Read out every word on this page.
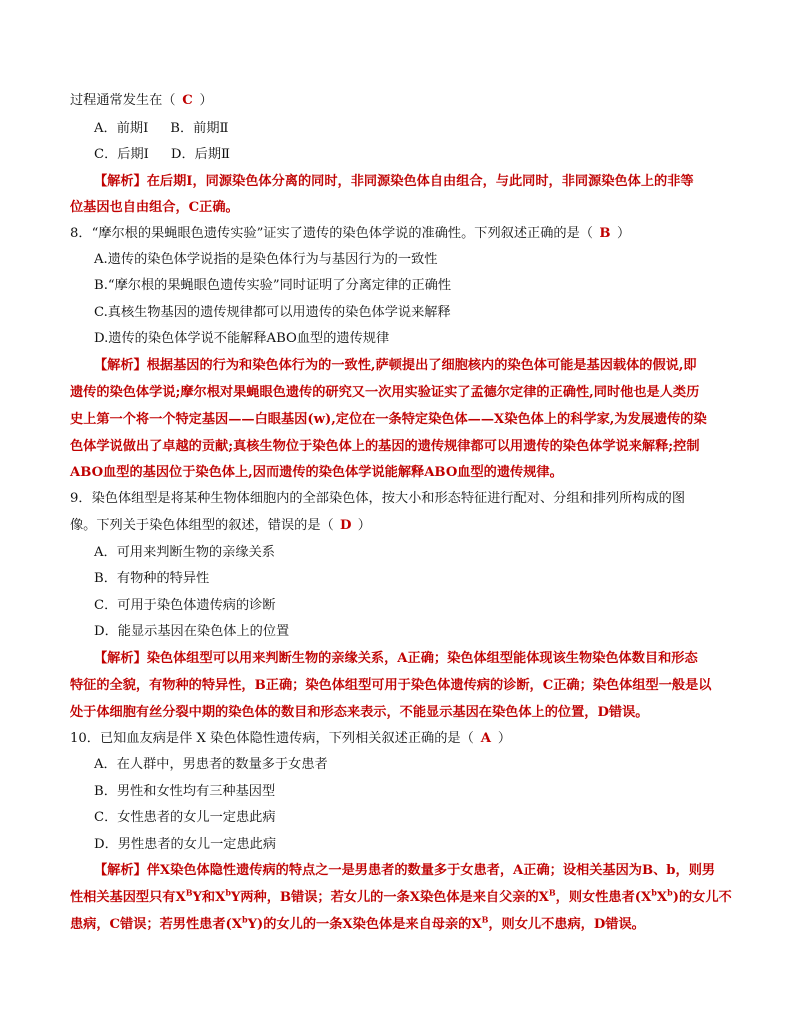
过程通常发生在（ C ）
A．前期Ⅰ B．前期Ⅱ
C．后期Ⅰ D．后期Ⅱ
【解析】在后期Ⅰ，同源染色体分离的同时，非同源染色体自由组合，与此同时，非同源染色体上的非等
位基因也自由组合，C正确。
8．“摩尔根的果蝇眼色遗传实验”证实了遗传的染色体学说的准确性。下列叙述正确的是（ B ）
A.遗传的染色体学说指的是染色体行为与基因行为的一致性
B.“摩尔根的果蝇眼色遗传实验”同时证明了分离定律的正确性
C.真核生物基因的遗传规律都可以用遗传的染色体学说来解释
D.遗传的染色体学说不能解释ABO血型的遗传规律
【解析】根据基因的行为和染色体行为的一致性,萨顿提出了细胞核内的染色体可能是基因载体的假说,即
遗传的染色体学说;摩尔根对果蝇眼色遗传的研究又一次用实验证实了孟德尔定律的正确性,同时他也是人类历
史上第一个将一个特定基因——白眼基因(w),定位在一条特定染色体——X染色体上的科学家,为发展遗传的染
色体学说做出了卓越的贡献;真核生物位于染色体上的基因的遗传规律都可以用遗传的染色体学说来解释;控制
ABO血型的基因位于染色体上,因而遗传的染色体学说能解释ABO血型的遗传规律。
9．染色体组型是将某种生物体细胞内的全部染色体，按大小和形态特征进行配对、分组和排列所构成的图
像。下列关于染色体组型的叙述，错误的是（ D ）
A．可用来判断生物的亲缘关系
B．有物种的特异性
C．可用于染色体遗传病的诊断
D．能显示基因在染色体上的位置
【解析】染色体组型可以用来判断生物的亲缘关系，A正确；染色体组型能体现该生物染色体数目和形态
特征的全貌，有物种的特异性，B正确；染色体组型可用于染色体遗传病的诊断，C正确；染色体组型一般是以
处于体细胞有丝分裂中期的染色体的数目和形态来表示，不能显示基因在染色体上的位置，D错误。
10．已知血友病是伴 X 染色体隐性遗传病，下列相关叙述正确的是（ A ）
A．在人群中，男患者的数量多于女患者
B．男性和女性均有三种基因型
C．女性患者的女儿一定患此病
D．男性患者的女儿一定患此病
【解析】伴X染色体隐性遗传病的特点之一是男患者的数量多于女患者，A正确；设相关基因为B、b，则男
性相关基因型只有$X^BY$和$X^bY$两种，B错误；若女儿的一条X染色体是来自父亲的$X^B$，则女性患者$(X^bX^b)$的女儿不
患病，C错误；若男性患者$(X^bY)$的女儿的一条X染色体是来自母亲的$X^B$，则女儿不患病，D错误。
